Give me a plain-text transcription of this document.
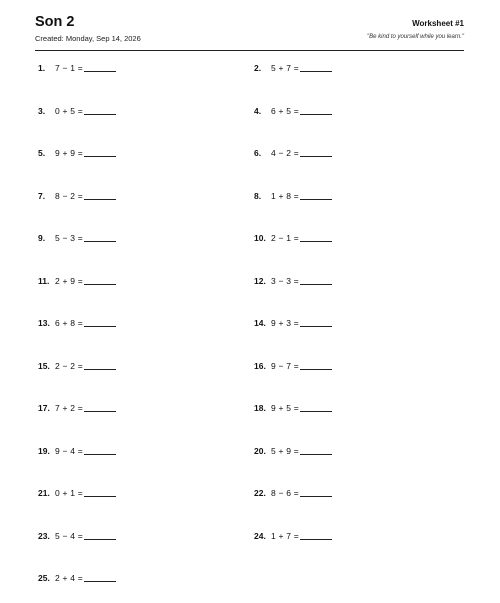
Son 2
Created: Monday, Sep 14, 2026
Worksheet #1
"Be kind to yourself while you learn."
1. 7 − 1 =	2. 5 + 7 =
3. 0 + 5 =	4. 6 + 5 =
5. 9 + 9 =	6. 4 − 2 =
7. 8 − 2 =	8. 1 + 8 =
9. 5 − 3 =	10. 2 − 1 =
11. 2 + 9 =	12. 3 − 3 =
13. 6 + 8 =	14. 9 + 3 =
15. 2 − 2 =	16. 9 − 7 =
17. 7 + 2 =	18. 9 + 5 =
19. 9 − 4 =	20. 5 + 9 =
21. 0 + 1 =	22. 8 − 6 =
23. 5 − 4 =	24. 1 + 7 =
25. 2 + 4 =
